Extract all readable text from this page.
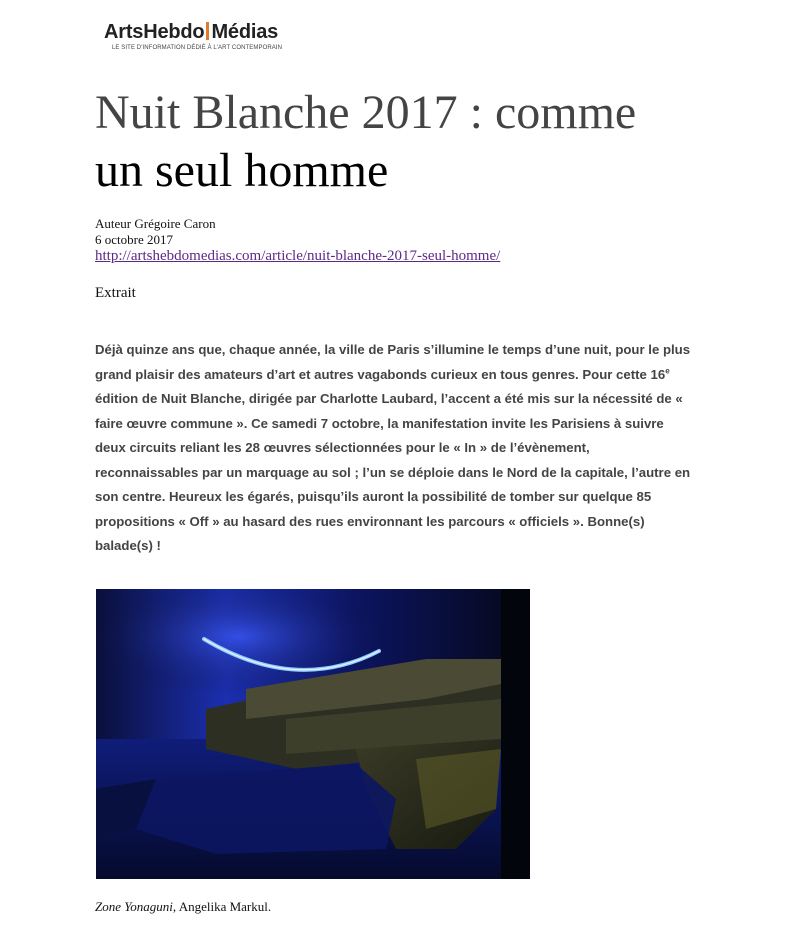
ArtsHebdo Médias
LE SITE D'INFORMATION DÉDIÉ À L'ART CONTEMPORAIN
Nuit Blanche 2017 : comme
un seul homme
Auteur Grégoire Caron
6 octobre 2017
http://artshebdomedias.com/article/nuit-blanche-2017-seul-homme/
Extrait

Déjà quinze ans que, chaque année, la ville de Paris s’illumine le temps d’une nuit, pour le plus grand plaisir des amateurs d’art et autres vagabonds curieux en tous genres. Pour cette 16e édition de Nuit Blanche, dirigée par Charlotte Laubard, l’accent a été mis sur la nécessité de « faire œuvre commune ». Ce samedi 7 octobre, la manifestation invite les Parisiens à suivre deux circuits reliant les 28 œuvres sélectionnées pour le « In » de l’évènement, reconnaissables par un marquage au sol ; l’un se déploie dans le Nord de la capitale, l’autre en son centre. Heureux les égarés, puisqu’ils auront la possibilité de tomber sur quelque 85 propositions « Off » au hasard des rues environnant les parcours « officiels ». Bonne(s) balade(s) !

Zone Yonaguni, Angelika Markul.
